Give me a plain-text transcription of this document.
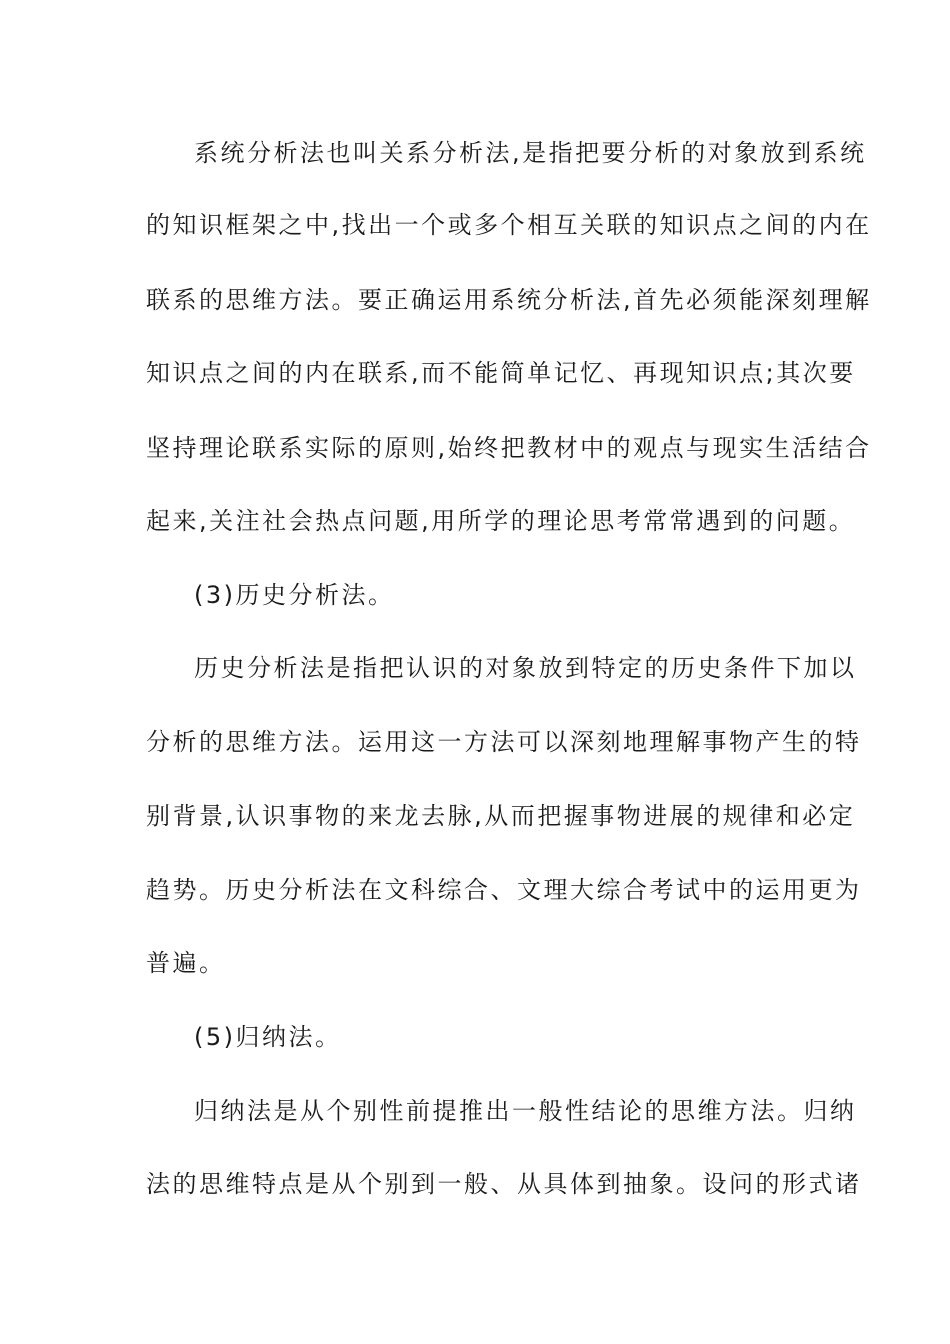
系统分析法也叫关系分析法,是指把要分析的对象放到系统
的知识框架之中,找出一个或多个相互关联的知识点之间的内在
联系的思维方法。要正确运用系统分析法,首先必须能深刻理解
知识点之间的内在联系,而不能简单记忆、再现知识点;其次要
坚持理论联系实际的原则,始终把教材中的观点与现实生活结合
起来,关注社会热点问题,用所学的理论思考常常遇到的问题。
(3)历史分析法。
历史分析法是指把认识的对象放到特定的历史条件下加以
分析的思维方法。运用这一方法可以深刻地理解事物产生的特
别背景,认识事物的来龙去脉,从而把握事物进展的规律和必定
趋势。历史分析法在文科综合、文理大综合考试中的运用更为
普遍。
(5)归纳法。
归纳法是从个别性前提推出一般性结论的思维方法。归纳
法的思维特点是从个别到一般、从具体到抽象。设问的形式诸
